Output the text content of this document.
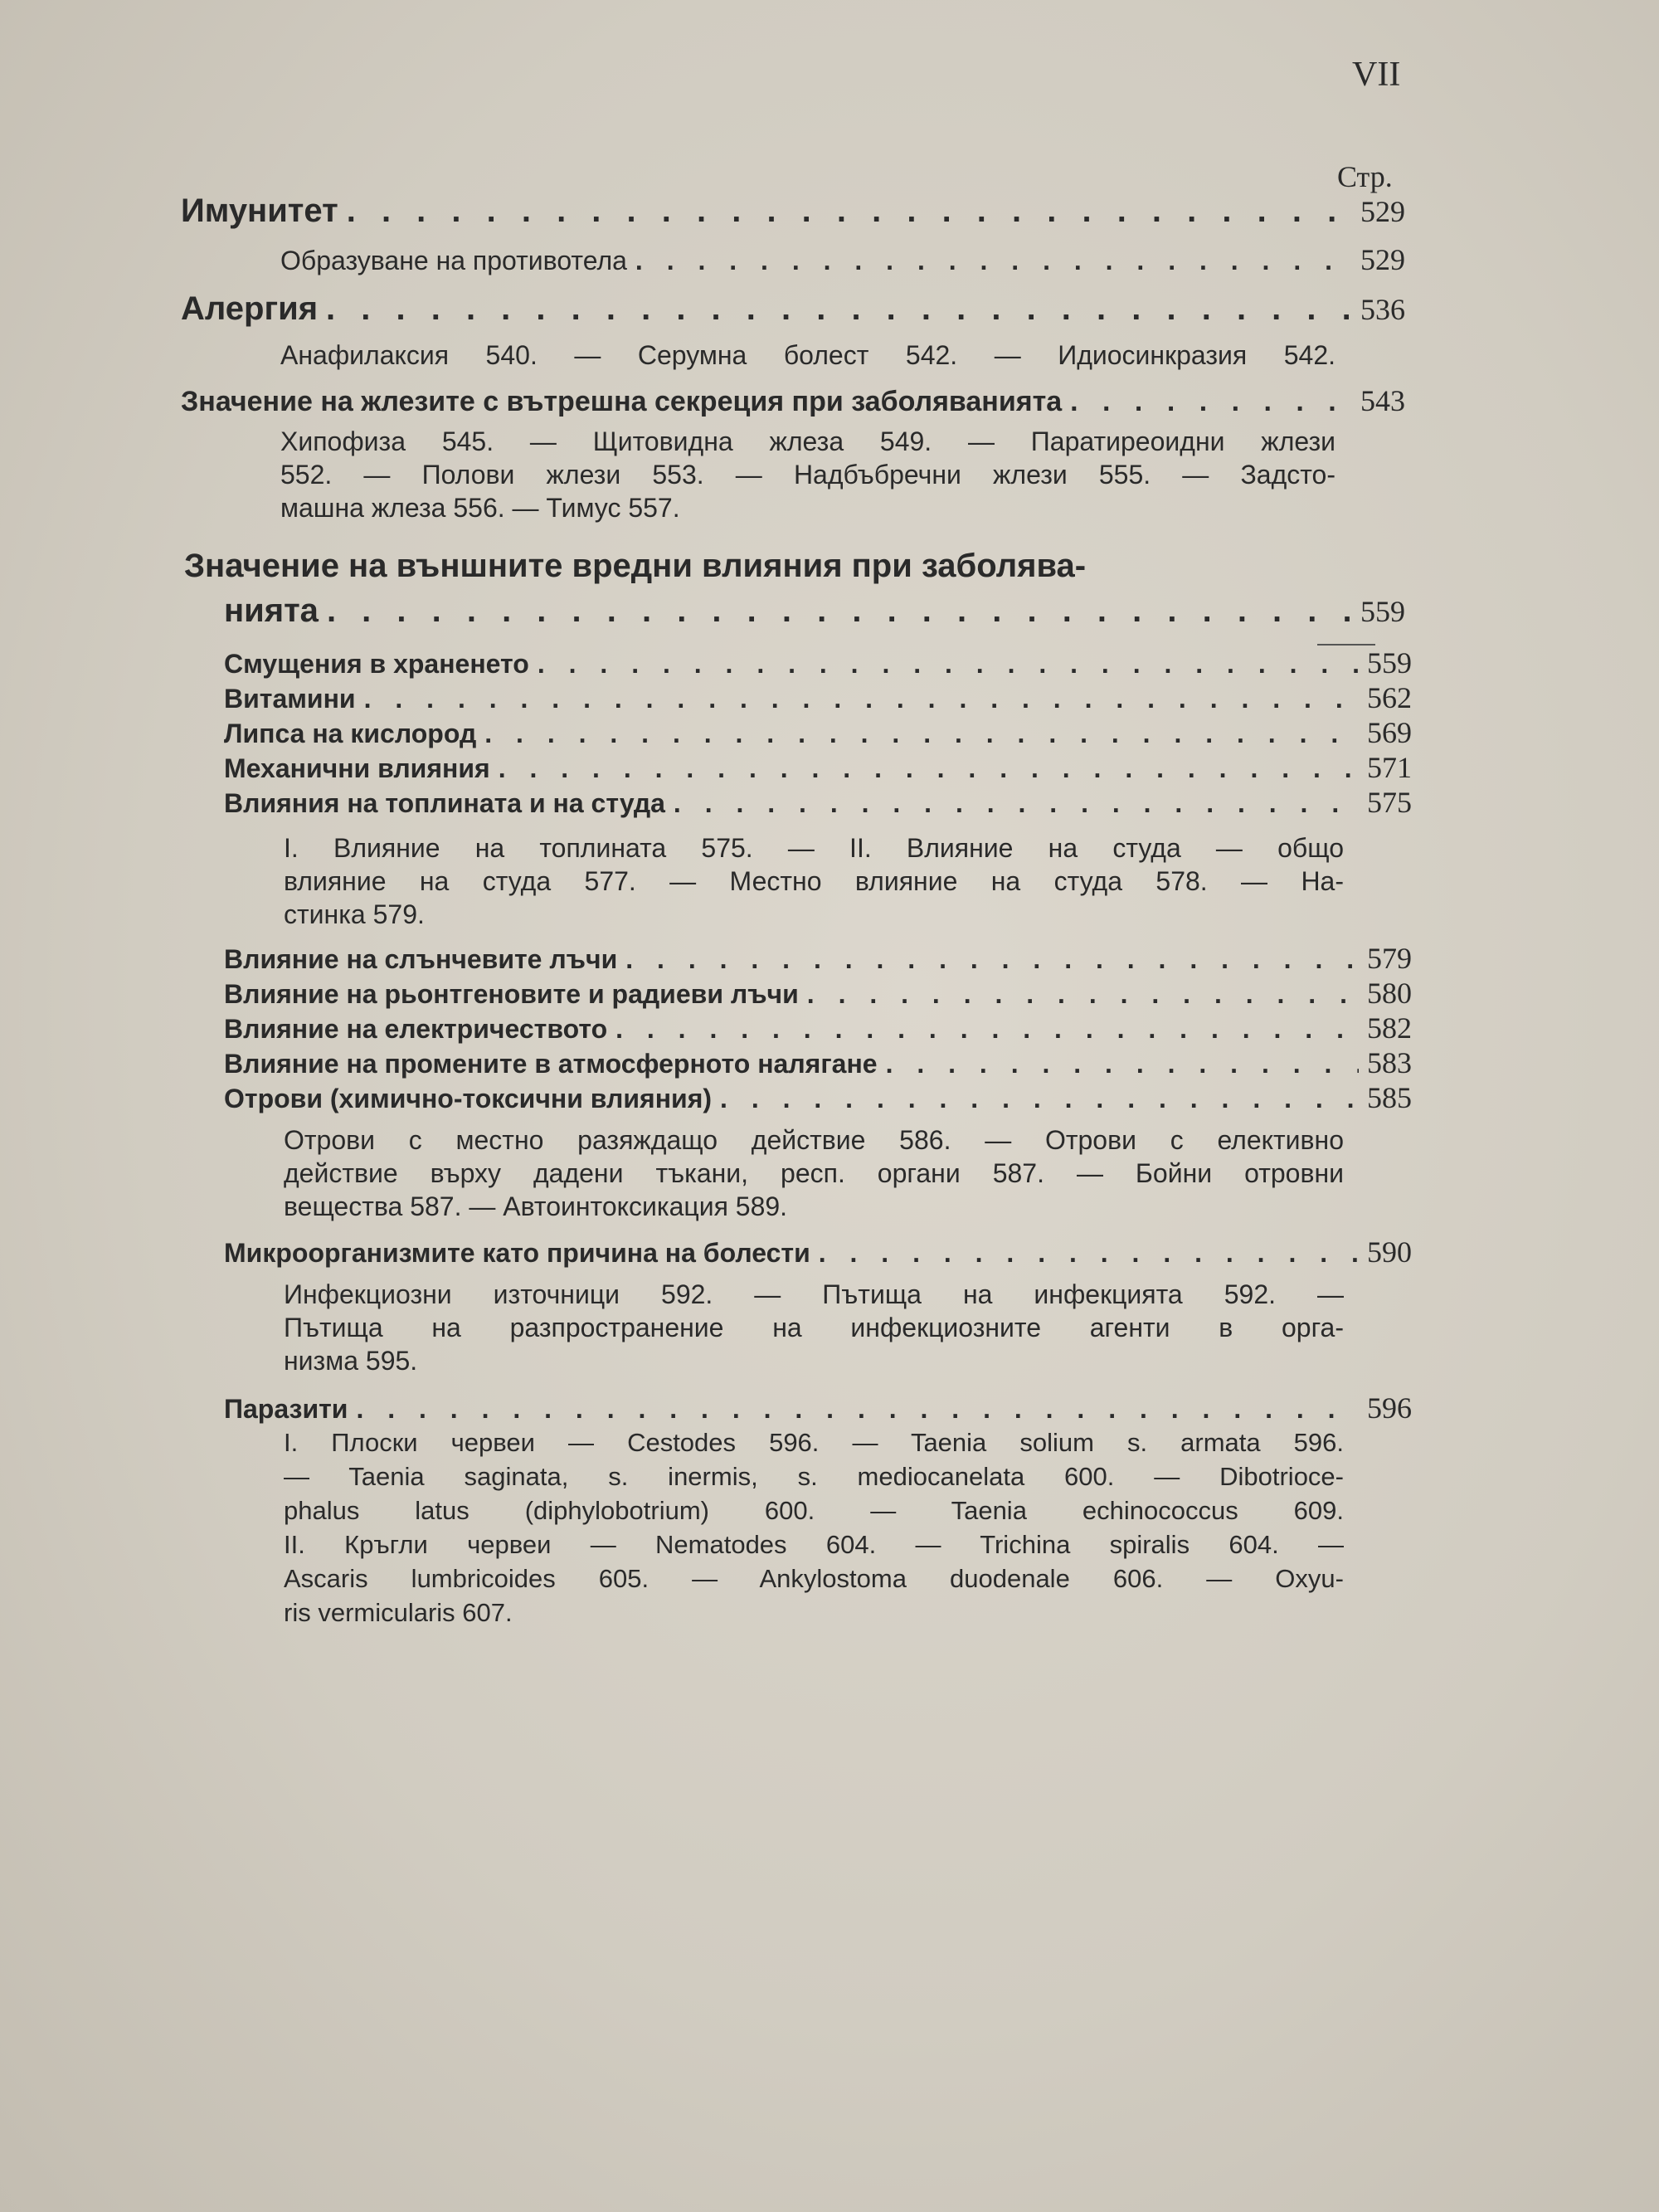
VII
Стр.
Имунитет . . .	529
Образуване на противотела . . .	529
Алергия . . .	536
Анафилаксия 540. — Серумна болест 542. — Идиосинкразия 542.
Значение на жлезите с вътрешна секреция при заболяванията . . .	543
Хипофиза 545. — Щитовидна жлеза 549. — Паратиреоидни жлези
552. — Полови жлези 553. — Надбъбречни жлези 555. — Задсто-
машна жлеза 556. — Тимус 557.
Значение на външните вредни влияния при заболява-
нията . . .	559
Смущения в храненето . . .	559
Витамини . . .	562
Липса на кислород . . .	569
Механични влияния . . .	571
Влияния на топлината и на студа . . .	575
I. Влияние на топлината 575. — II. Влияние на студа — общо
влияние на студа 577. — Местно влияние на студа 578. — На-
стинка 579.
Влияние на слънчевите лъчи . . .	579
Влияние на рьонтгеновите и радиеви лъчи . . .	580
Влияние на електричеството . . .	582
Влияние на промените в атмосферното налягане . . .	583
Отрови (химично-токсични влияния) . . .	585
Отрови с местно разяждащо действие 586. — Отрови с елективно
действие върху дадени тъкани, респ. органи 587. — Бойни отровни
вещества 587. — Автоинтоксикация 589.
Микроорганизмите като причина на болести . . .	590
Инфекциозни източници 592. — Пътища на инфекцията 592. —
Пътища на разпространение на инфекциозните агенти в орга-
низма 595.
Паразити . . .	596
I. Плоски червеи — Cestodes 596. — Taenia solium s. armata 596.
— Taenia saginata, s. inermis, s. mediocanelata 600. — Dibotrioce-
phalus latus (diphylobotrium) 600. — Taenia echinococcus 609.
II. Кръгли червеи — Nematodes 604. — Trichina spiralis 604. —
Ascaris lumbricoides 605. — Ankylostoma duodenale 606. — Oxyu-
ris vermicularis 607.
